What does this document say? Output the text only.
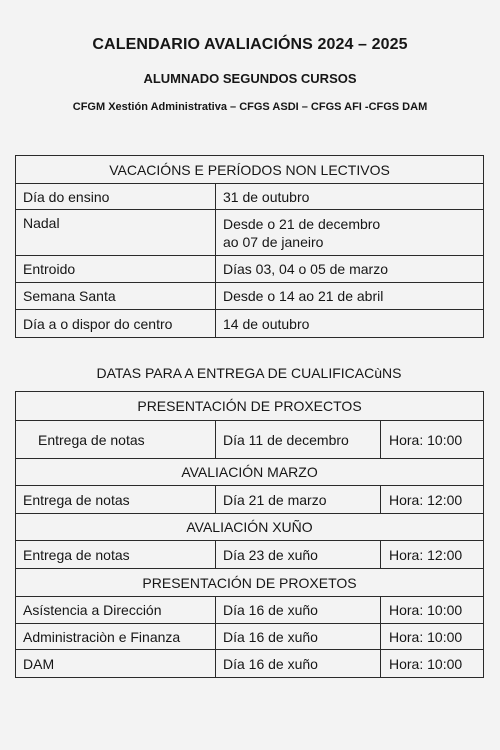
CALENDARIO AVALIACIÓNS 2024 – 2025
ALUMNADO SEGUNDOS CURSOS
CFGM Xestión Administrativa – CFGS ASDI – CFGS AFI -CFGS DAM
VACACIÓNS E PERÍODOS NON LECTIVOS	
Día do ensino	31 de outubro
Nadal	Desde o 21 de decembro
ao 07 de janeiro

Entroido	Días 03, 04 o 05 de marzo
Semana Santa	Desde o 14 ao 21 de abril
Día a o dispor do centro	14 de outubro
DATAS PARA A ENTREGA DE CUALIFICACùNS
PRESENTACIÓN DE PROXECTOS		
Entrega de notas	Día 11 de decembro	Hora: 10:00
AVALIACIÓN MARZO		
Entrega de notas	Día 21 de marzo	Hora: 12:00
AVALIACIÓN XUÑO		
Entrega de notas	Día 23 de xuño	Hora: 12:00
PRESENTACIÓN DE PROXETOS		
Asístencia a Dirección	Día 16 de xuño	Hora: 10:00
Administraciòn e Finanza	Día 16 de xuño	Hora: 10:00
DAM	Día 16 de xuño	Hora: 10:00
